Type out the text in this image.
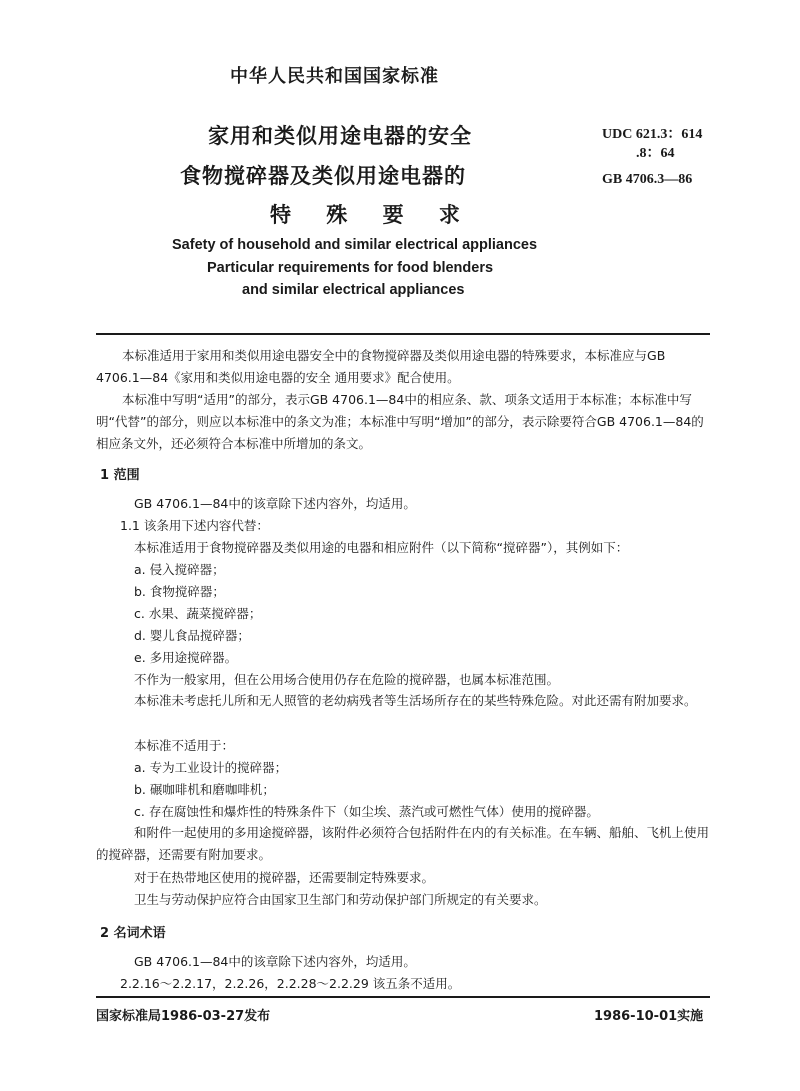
中华人民共和国国家标准
家用和类似用途电器的安全
食物搅碎器及类似用途电器的
特 殊 要 求
UDC 621.3：614
.8：64
GB 4706.3—86
Safety of household and similar electrical appliances
Particular requirements for food blenders
and similar electrical appliances
本标准适用于家用和类似用途电器安全中的食物搅碎器及类似用途电器的特殊要求，本标准应与GB 4706.1—84《家用和类似用途电器的安全 通用要求》配合使用。
本标准中写明“适用”的部分，表示GB 4706.1—84中的相应条、款、项条文适用于本标准；本标准中写明“代替”的部分，则应以本标准中的条文为准；本标准中写明“增加”的部分，表示除要符合GB 4706.1—84的相应条文外，还必须符合本标准中所增加的条文。
1 范围
GB 4706.1—84中的该章除下述内容外，均适用。
1.1 该条用下述内容代替：
本标准适用于食物搅碎器及类似用途的电器和相应附件（以下简称“搅碎器”），其例如下：
a. 侵入搅碎器；
b. 食物搅碎器；
c. 水果、蔬菜搅碎器；
d. 婴儿食品搅碎器；
e. 多用途搅碎器。
不作为一般家用，但在公用场合使用仍存在危险的搅碎器，也属本标准范围。
本标准未考虑托儿所和无人照管的老幼病残者等生活场所存在的某些特殊危险。对此还需有附加要求。
本标准不适用于：
a. 专为工业设计的搅碎器；
b. 碾咖啡机和磨咖啡机；
c. 存在腐蚀性和爆炸性的特殊条件下（如尘埃、蒸汽或可燃性气体）使用的搅碎器。
和附件一起使用的多用途搅碎器，该附件必须符合包括附件在内的有关标准。在车辆、船舶、飞机上使用的搅碎器，还需要有附加要求。
对于在热带地区使用的搅碎器，还需要制定特殊要求。
卫生与劳动保护应符合由国家卫生部门和劳动保护部门所规定的有关要求。
2 名词术语
GB 4706.1—84中的该章除下述内容外，均适用。
2.2.16～2.2.17，2.2.26，2.2.28～2.2.29 该五条不适用。
国家标准局1986-03-27发布	1986-10-01实施
